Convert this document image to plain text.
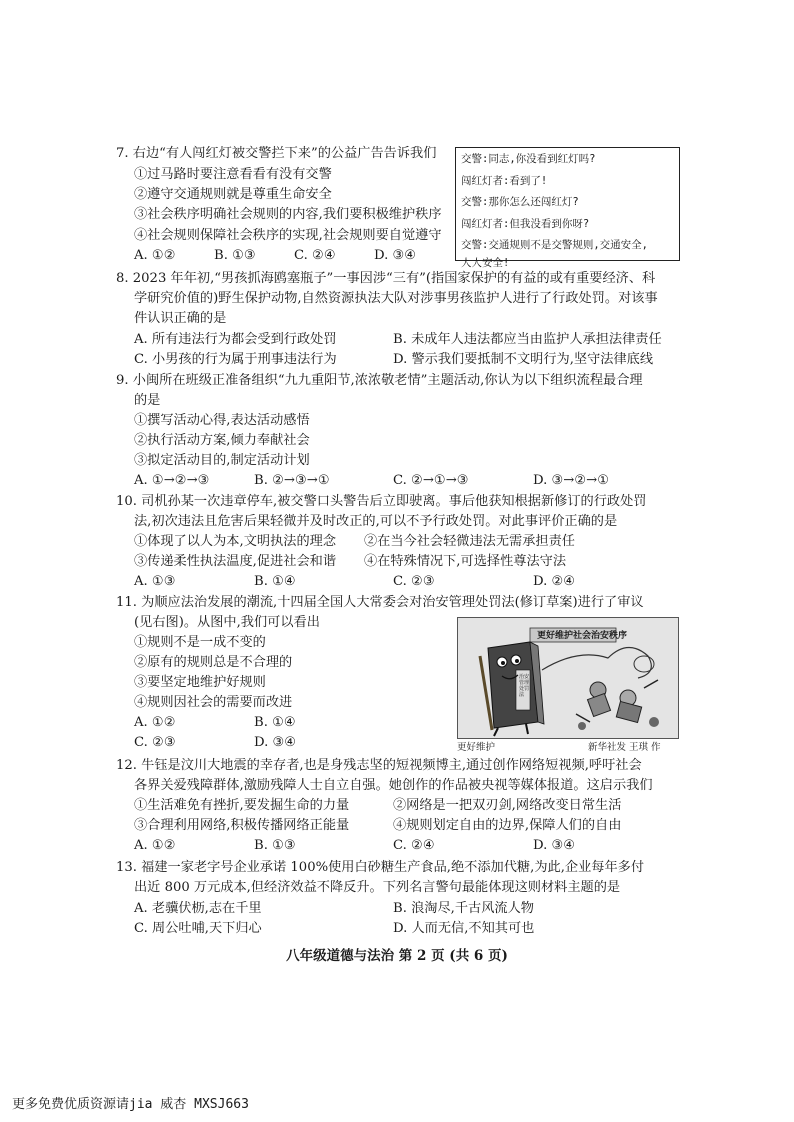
7. 右边“有人闯红灯被交警拦下来”的公益广告告诉我们
①过马路时要注意看看有没有交警
②遵守交通规则就是尊重生命安全
③社会秩序明确社会规则的内容,我们要积极维护秩序
④社会规则保障社会秩序的实现,社会规则要自觉遵守
A. ①②	B. ①③	C. ②④	D. ③④
交警:同志,你没看到红灯吗?
闯红灯者:看到了!
交警:那你怎么还闯红灯?
闯红灯者:但我没看到你呀?
交警:交通规则不是交警规则,交通安全,
人人安全!
8. 2023 年年初,“男孩抓海鸥塞瓶子”一事因涉“三有”(指国家保护的有益的或有重要经济、科
学研究价值的)野生保护动物,自然资源执法大队对涉事男孩监护人进行了行政处罚。对该事
件认识正确的是
A. 所有违法行为都会受到行政处罚	B. 未成年人违法都应当由监护人承担法律责任
C. 小男孩的行为属于刑事违法行为	D. 警示我们要抵制不文明行为,坚守法律底线
9. 小闽所在班级正准备组织“九九重阳节,浓浓敬老情”主题活动,你认为以下组织流程最合理
的是
①撰写活动心得,表达活动感悟
②执行活动方案,倾力奉献社会
③拟定活动目的,制定活动计划
A. ①→②→③	B. ②→③→①	C. ②→①→③	D. ③→②→①
10. 司机孙某一次违章停车,被交警口头警告后立即驶离。事后他获知根据新修订的行政处罚
法,初次违法且危害后果轻微并及时改正的,可以不予行政处罚。对此事评价正确的是
①体现了以人为本,文明执法的理念 ②在当今社会轻微违法无需承担责任
③传递柔性执法温度,促进社会和谐 ④在特殊情况下,可选择性尊法守法
A. ①③	B. ①④	C. ②③	D. ②④
11. 为顺应法治发展的潮流,十四届全国人大常委会对治安管理处罚法(修订草案)进行了审议
(见右图)。从图中,我们可以看出
①规则不是一成不变的
②原有的规则总是不合理的
③要坚定地维护好规则
④规则因社会的需要而改进
A. ①②	B. ①④
C. ②③	D. ③④
更好维护社会治安秩序
治安管理处罚法
更好维护	新华社发 王琪 作
12. 牛钰是汶川大地震的幸存者,也是身残志坚的短视频博主,通过创作网络短视频,呼吁社会
各界关爱残障群体,激励残障人士自立自强。她创作的作品被央视等媒体报道。这启示我们
①生活难免有挫折,要发掘生命的力量	②网络是一把双刃剑,网络改变日常生活
③合理利用网络,积极传播网络正能量	④规则划定自由的边界,保障人们的自由
A. ①②	B. ①③	C. ②④	D. ③④
13. 福建一家老字号企业承诺 100%使用白砂糖生产食品,绝不添加代糖,为此,企业每年多付
出近 800 万元成本,但经济效益不降反升。下列名言警句最能体现这则材料主题的是
A. 老骥伏枥,志在千里	B. 浪淘尽,千古风流人物
C. 周公吐哺,天下归心	D. 人而无信,不知其可也
八年级道德与法治 第 2 页 (共 6 页)
更多免费优质资源请jia 威杏 MXSJ663
